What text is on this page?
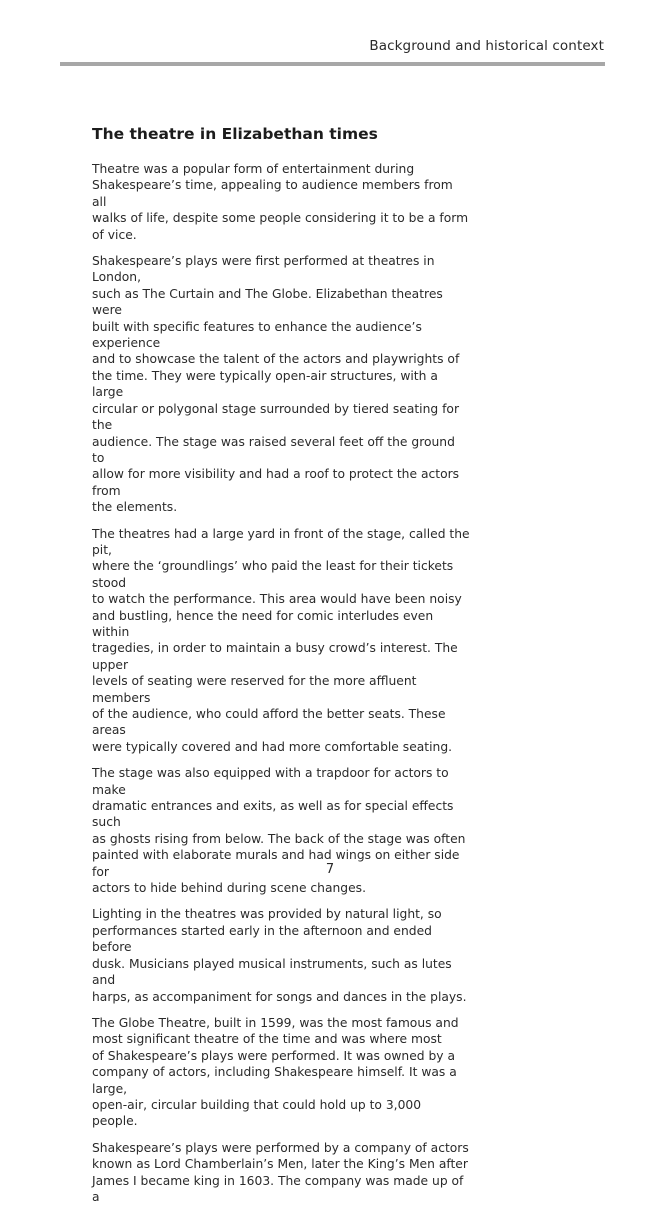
Background and historical context
The theatre in Elizabethan times

Theatre was a popular form of entertainment during
Shakespeare’s time, appealing to audience members from all
walks of life, despite some people considering it to be a form
of vice.

Shakespeare’s plays were first performed at theatres in London,
such as The Curtain and The Globe. Elizabethan theatres were
built with specific features to enhance the audience’s experience
and to showcase the talent of the actors and playwrights of
the time. They were typically open-air structures, with a large
circular or polygonal stage surrounded by tiered seating for the
audience. The stage was raised several feet off the ground to
allow for more visibility and had a roof to protect the actors from
the elements.

The theatres had a large yard in front of the stage, called the pit,
where the ‘groundlings’ who paid the least for their tickets stood
to watch the performance. This area would have been noisy
and bustling, hence the need for comic interludes even within
tragedies, in order to maintain a busy crowd’s interest. The upper
levels of seating were reserved for the more affluent members
of the audience, who could afford the better seats. These areas
were typically covered and had more comfortable seating.

The stage was also equipped with a trapdoor for actors to make
dramatic entrances and exits, as well as for special effects such
as ghosts rising from below. The back of the stage was often
painted with elaborate murals and had wings on either side for
actors to hide behind during scene changes.

Lighting in the theatres was provided by natural light, so
performances started early in the afternoon and ended before
dusk. Musicians played musical instruments, such as lutes and
harps, as accompaniment for songs and dances in the plays.

The Globe Theatre, built in 1599, was the most famous and
most significant theatre of the time and was where most
of Shakespeare’s plays were performed. It was owned by a
company of actors, including Shakespeare himself. It was a large,
open-air, circular building that could hold up to 3,000 people.

Shakespeare’s plays were performed by a company of actors
known as Lord Chamberlain’s Men, later the King’s Men after
James I became king in 1603. The company was made up of a

7
